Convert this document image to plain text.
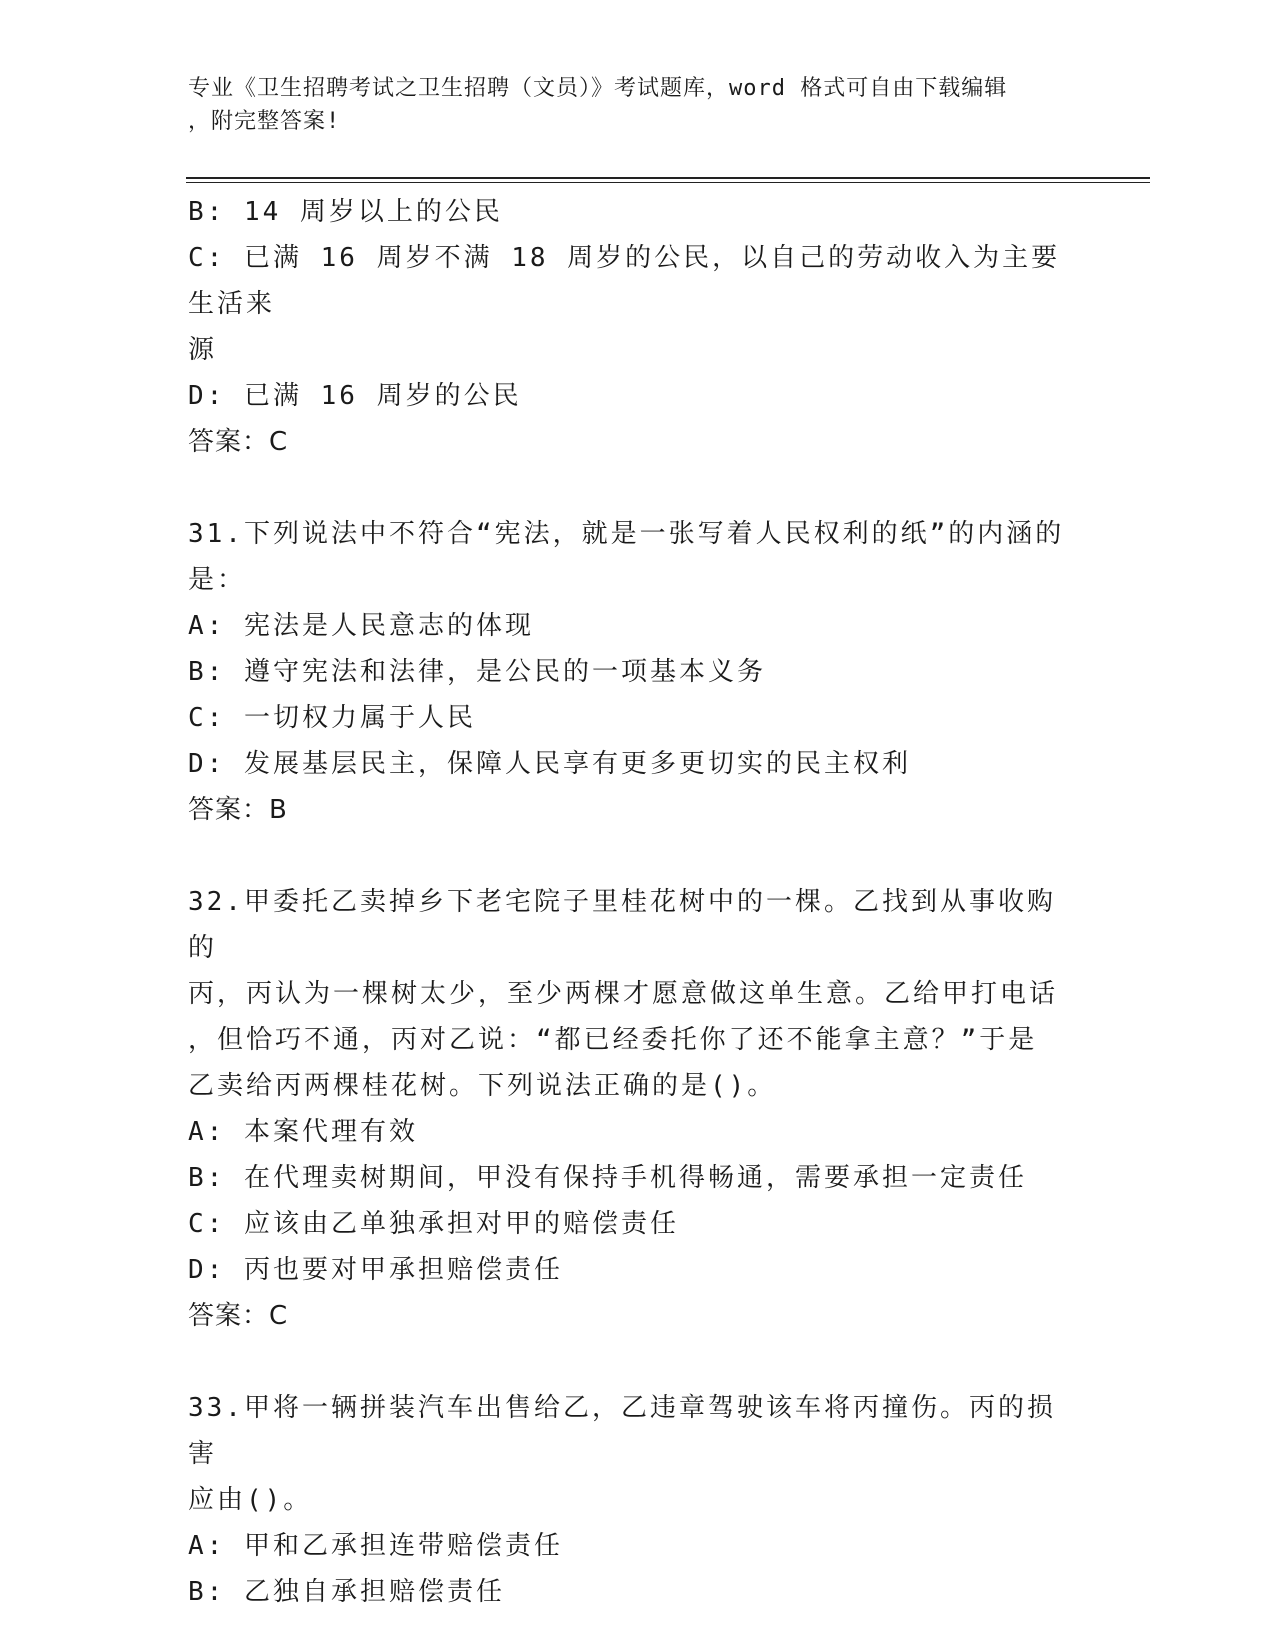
专业《卫生招聘考试之卫生招聘（文员）》考试题库，word 格式可自由下载编辑
，附完整答案!
B: 14 周岁以上的公民
C: 已满 16 周岁不满 18 周岁的公民，以自己的劳动收入为主要生活来
源
D: 已满 16 周岁的公民
答案：C
31.下列说法中不符合“宪法，就是一张写着人民权利的纸”的内涵的
是：
A: 宪法是人民意志的体现
B: 遵守宪法和法律，是公民的一项基本义务
C: 一切权力属于人民
D: 发展基层民主，保障人民享有更多更切实的民主权利
答案：B
32.甲委托乙卖掉乡下老宅院子里桂花树中的一棵。乙找到从事收购的
丙，丙认为一棵树太少，至少两棵才愿意做这单生意。乙给甲打电话
，但恰巧不通，丙对乙说：“都已经委托你了还不能拿主意？”于是
乙卖给丙两棵桂花树。下列说法正确的是()。
A: 本案代理有效
B: 在代理卖树期间，甲没有保持手机得畅通，需要承担一定责任
C: 应该由乙单独承担对甲的赔偿责任
D: 丙也要对甲承担赔偿责任
答案：C
33.甲将一辆拼装汽车出售给乙，乙违章驾驶该车将丙撞伤。丙的损害
应由()。
A: 甲和乙承担连带赔偿责任
B: 乙独自承担赔偿责任
